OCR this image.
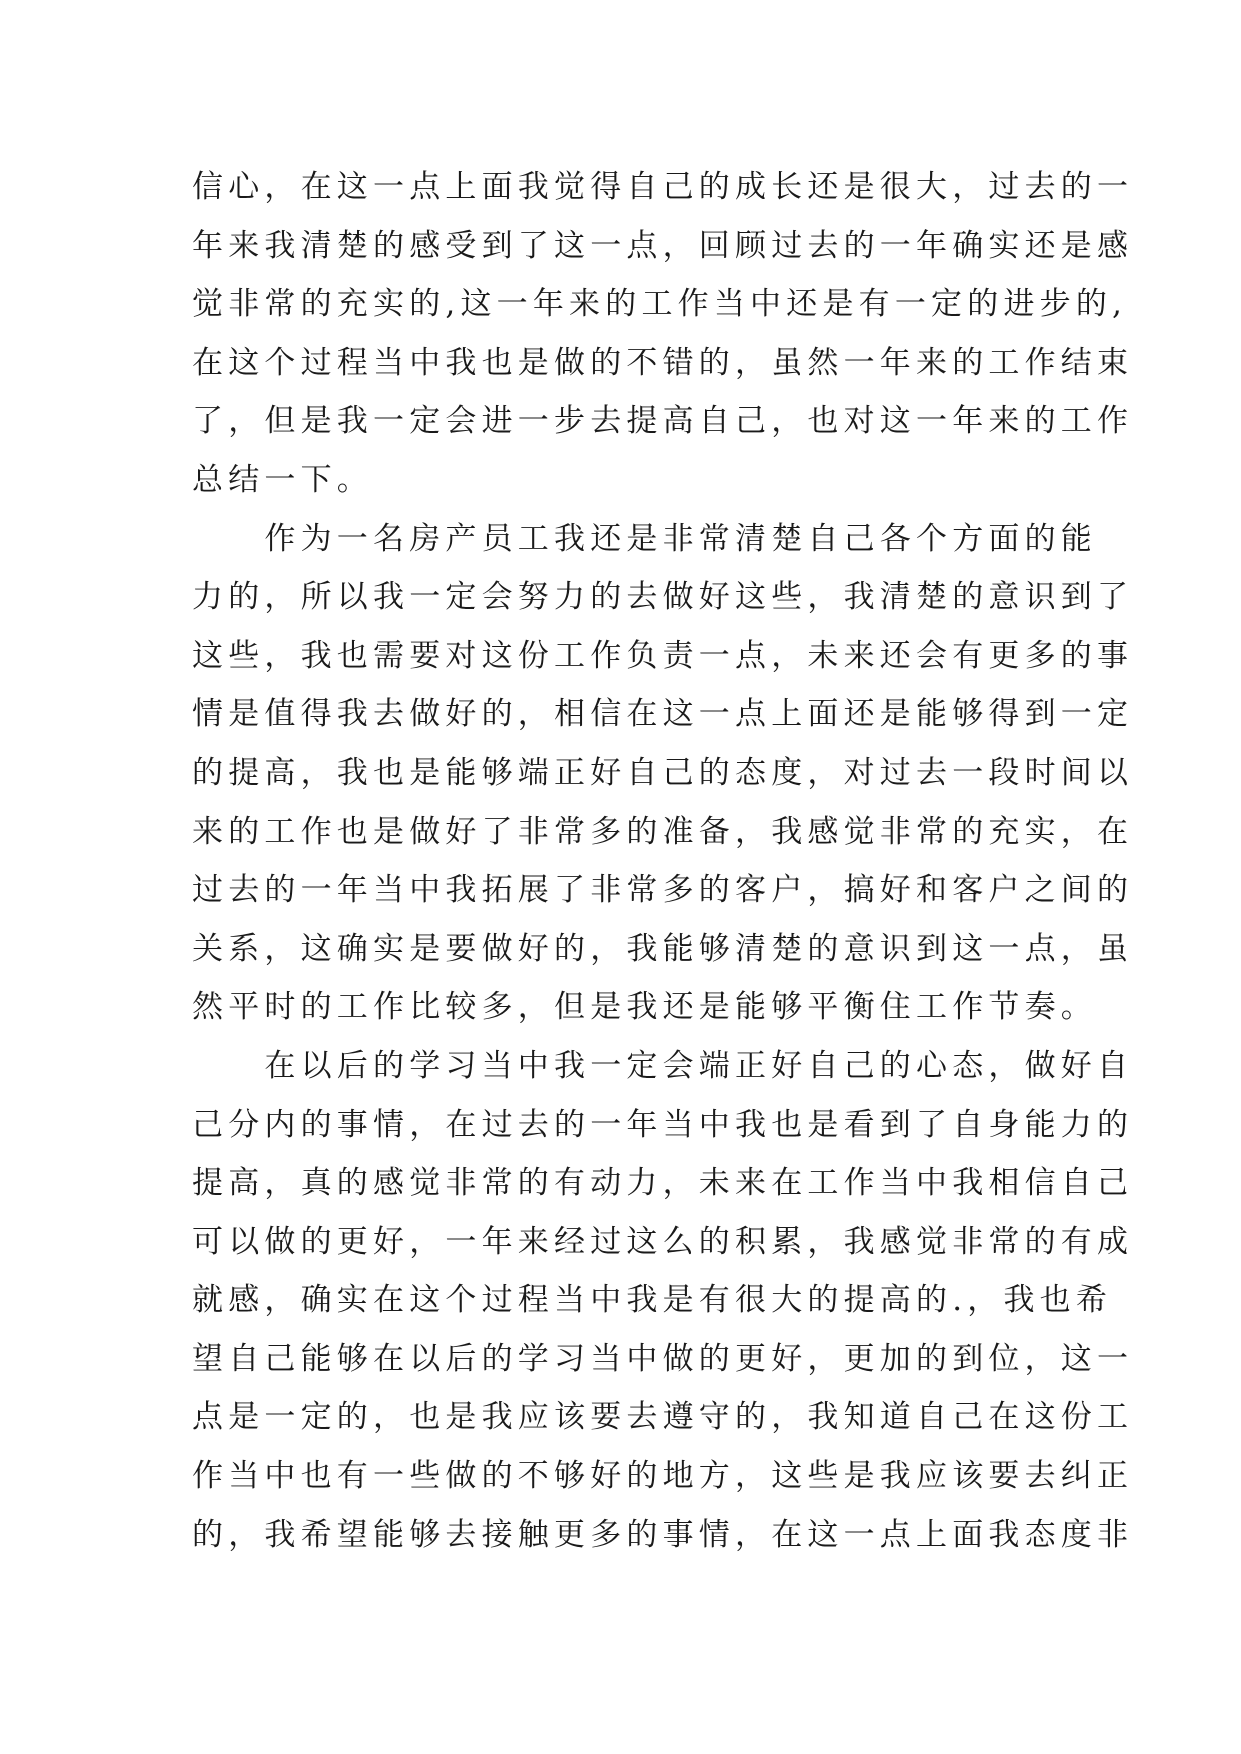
信心，在这一点上面我觉得自己的成长还是很大，过去的一
年来我清楚的感受到了这一点，回顾过去的一年确实还是感
觉非常的充实的,这一年来的工作当中还是有一定的进步的,
在这个过程当中我也是做的不错的，虽然一年来的工作结束
了，但是我一定会进一步去提高自己，也对这一年来的工作
总结一下。
　　作为一名房产员工我还是非常清楚自己各个方面的能
力的，所以我一定会努力的去做好这些，我清楚的意识到了
这些，我也需要对这份工作负责一点，未来还会有更多的事
情是值得我去做好的，相信在这一点上面还是能够得到一定
的提高，我也是能够端正好自己的态度，对过去一段时间以
来的工作也是做好了非常多的准备，我感觉非常的充实，在
过去的一年当中我拓展了非常多的客户，搞好和客户之间的
关系，这确实是要做好的，我能够清楚的意识到这一点，虽
然平时的工作比较多，但是我还是能够平衡住工作节奏。
　　在以后的学习当中我一定会端正好自己的心态，做好自
己分内的事情，在过去的一年当中我也是看到了自身能力的
提高，真的感觉非常的有动力，未来在工作当中我相信自己
可以做的更好，一年来经过这么的积累，我感觉非常的有成
就感，确实在这个过程当中我是有很大的提高的.，我也希
望自己能够在以后的学习当中做的更好，更加的到位，这一
点是一定的，也是我应该要去遵守的，我知道自己在这份工
作当中也有一些做的不够好的地方，这些是我应该要去纠正
的，我希望能够去接触更多的事情，在这一点上面我态度非
